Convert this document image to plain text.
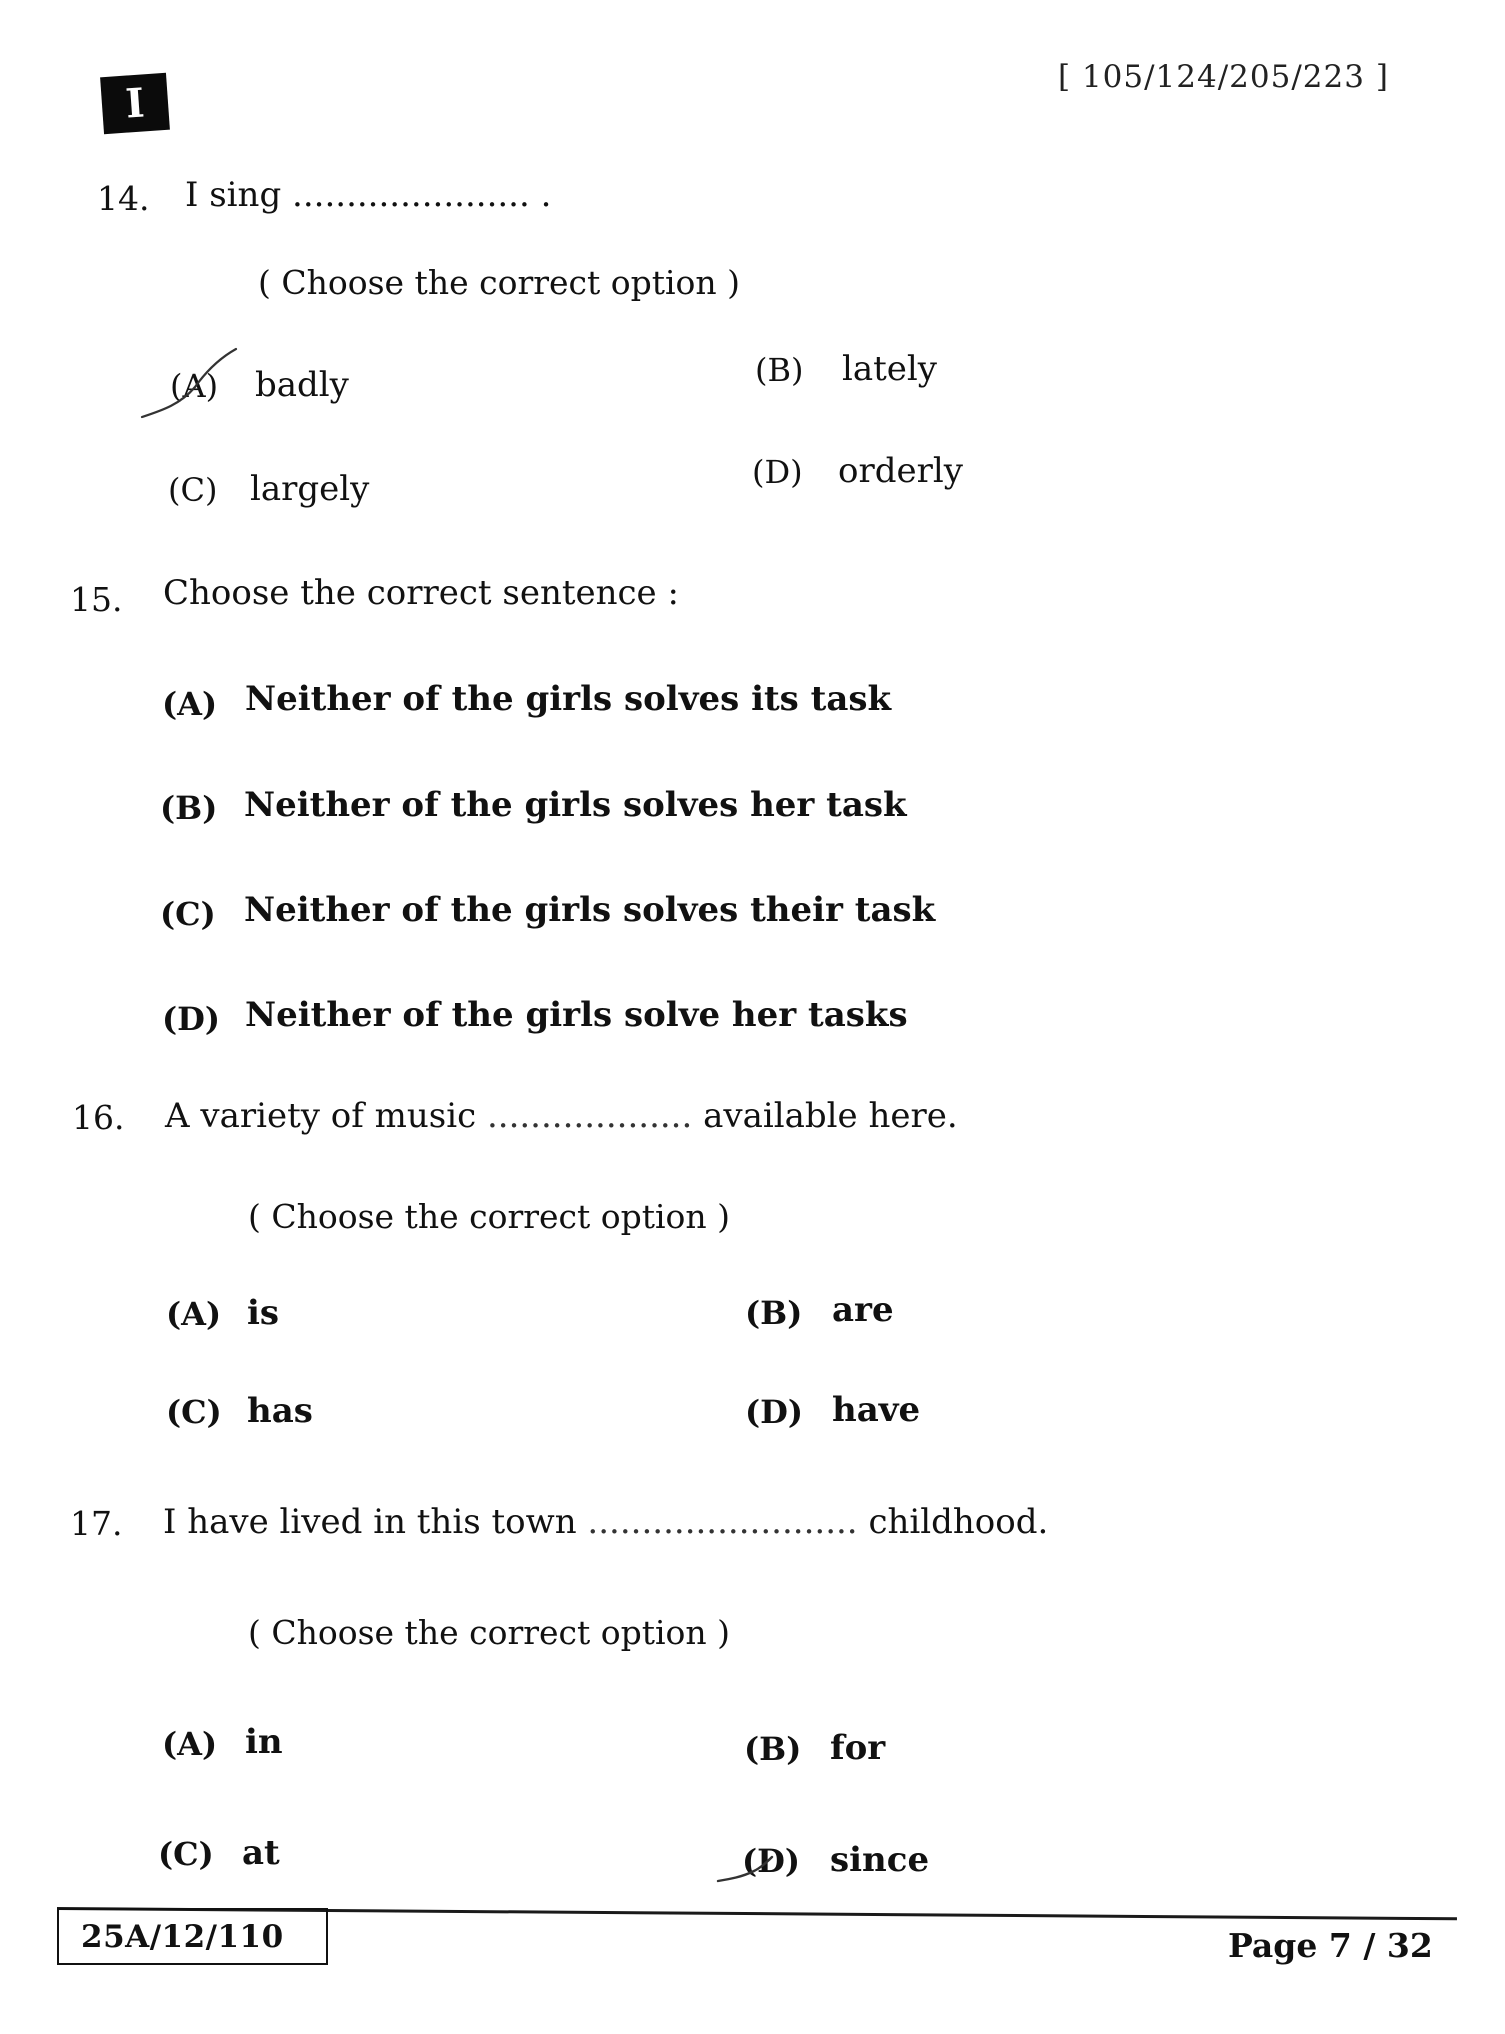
I
[ 105/124/205/223 ]
14. I sing ...................... .
( Choose the correct option )
(A) badly	(B) lately
(C) largely	(D) orderly
15. Choose the correct sentence :
(A) Neither of the girls solves its task
(B) Neither of the girls solves her task
(C) Neither of the girls solves their task
(D) Neither of the girls solve her tasks
16. A variety of music ................... available here.
( Choose the correct option )
(A) is	(B) are
(C) has	(D) have
17. I have lived in this town ......................... childhood.
( Choose the correct option )
(A) in	(B) for
(C) at	(D) since
25A/12/110	Page 7 / 32
